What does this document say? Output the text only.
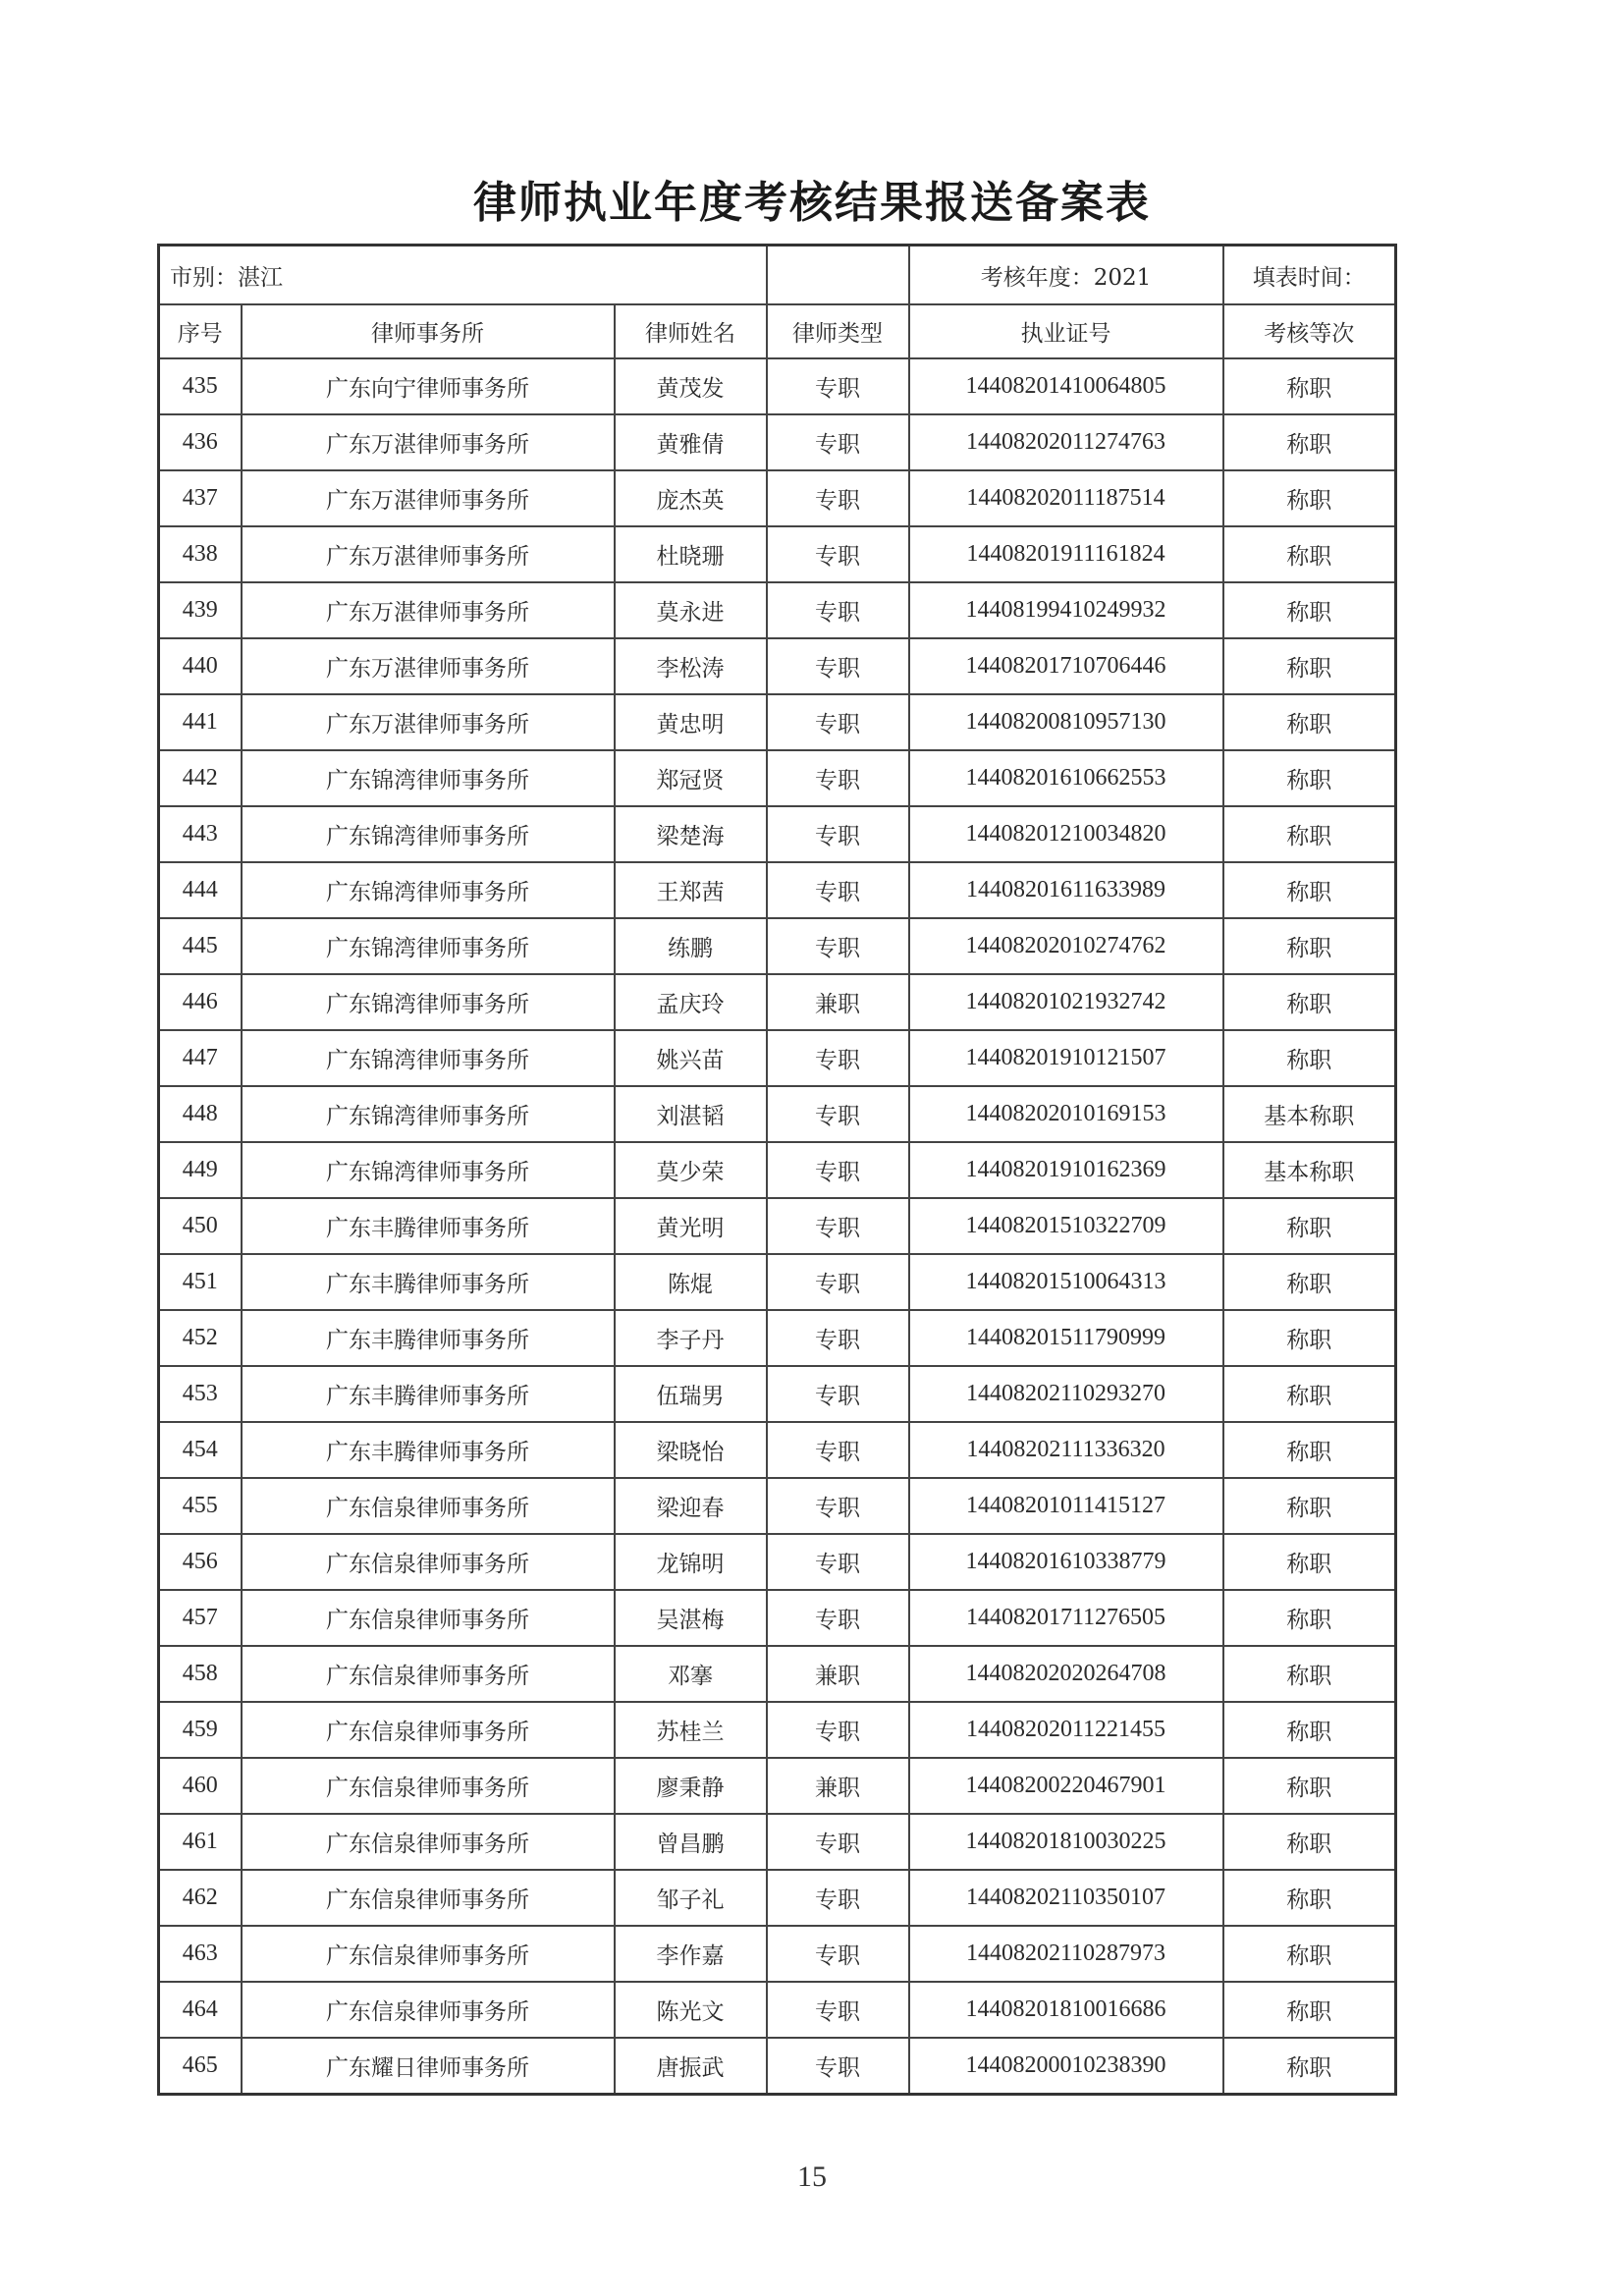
律师执业年度考核结果报送备案表
市别：湛江				考核年度：2021	填表时间：
序号	律师事务所	律师姓名	律师类型	执业证号	考核等次
435	广东向宁律师事务所	黄茂发	专职	14408201410064805	称职
436	广东万湛律师事务所	黄雅倩	专职	14408202011274763	称职
437	广东万湛律师事务所	庞杰英	专职	14408202011187514	称职
438	广东万湛律师事务所	杜晓珊	专职	14408201911161824	称职
439	广东万湛律师事务所	莫永进	专职	14408199410249932	称职
440	广东万湛律师事务所	李松涛	专职	14408201710706446	称职
441	广东万湛律师事务所	黄忠明	专职	14408200810957130	称职
442	广东锦湾律师事务所	郑冠贤	专职	14408201610662553	称职
443	广东锦湾律师事务所	梁楚海	专职	14408201210034820	称职
444	广东锦湾律师事务所	王郑茜	专职	14408201611633989	称职
445	广东锦湾律师事务所	练鹏	专职	14408202010274762	称职
446	广东锦湾律师事务所	孟庆玲	兼职	14408201021932742	称职
447	广东锦湾律师事务所	姚兴苗	专职	14408201910121507	称职
448	广东锦湾律师事务所	刘湛韬	专职	14408202010169153	基本称职
449	广东锦湾律师事务所	莫少荣	专职	14408201910162369	基本称职
450	广东丰腾律师事务所	黄光明	专职	14408201510322709	称职
451	广东丰腾律师事务所	陈焜	专职	14408201510064313	称职
452	广东丰腾律师事务所	李子丹	专职	14408201511790999	称职
453	广东丰腾律师事务所	伍瑞男	专职	14408202110293270	称职
454	广东丰腾律师事务所	梁晓怡	专职	14408202111336320	称职
455	广东信泉律师事务所	梁迎春	专职	14408201011415127	称职
456	广东信泉律师事务所	龙锦明	专职	14408201610338779	称职
457	广东信泉律师事务所	吴湛梅	专职	14408201711276505	称职
458	广东信泉律师事务所	邓搴	兼职	14408202020264708	称职
459	广东信泉律师事务所	苏桂兰	专职	14408202011221455	称职
460	广东信泉律师事务所	廖秉静	兼职	14408200220467901	称职
461	广东信泉律师事务所	曾昌鹏	专职	14408201810030225	称职
462	广东信泉律师事务所	邹子礼	专职	14408202110350107	称职
463	广东信泉律师事务所	李作嘉	专职	14408202110287973	称职
464	广东信泉律师事务所	陈光文	专职	14408201810016686	称职
465	广东耀日律师事务所	唐振武	专职	14408200010238390	称职
15
